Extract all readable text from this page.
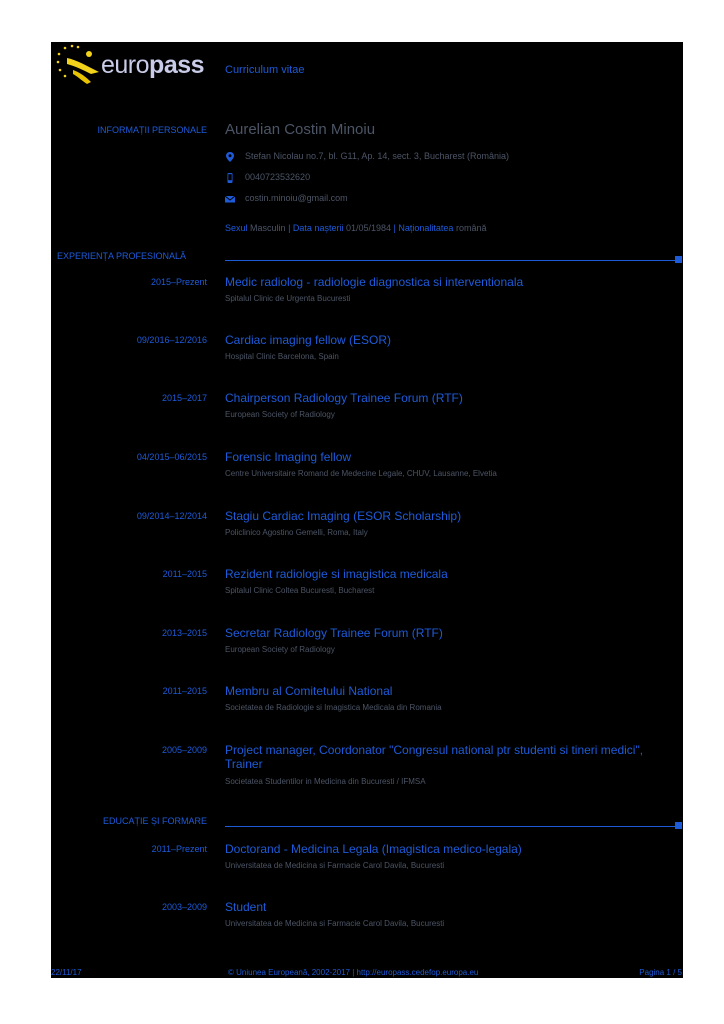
europass Curriculum vitae
INFORMAȚII PERSONALE Aurelian Costin Minoiu
Stefan Nicolau no.7, bl. G11, Ap. 14, sect. 3, Bucharest (România)
0040723532620
costin.minoiu@gmail.com
Sexul Masculin | Data nașterii 01/05/1984 | Naționalitatea română
EXPERIENȚA PROFESIONALĂ
2015–Prezent Medic radiolog - radiologie diagnostica si interventionala
Spitalul Clinic de Urgenta Bucuresti
09/2016–12/2016 Cardiac imaging fellow (ESOR)
Hospital Clinic Barcelona, Spain
2015–2017 Chairperson Radiology Trainee Forum (RTF)
European Society of Radiology
04/2015–06/2015 Forensic Imaging fellow
Centre Universitaire Romand de Medecine Legale, CHUV, Lausanne, Elvetia
09/2014–12/2014 Stagiu Cardiac Imaging (ESOR Scholarship)
Policlinico Agostino Gemelli, Roma, Italy
2011–2015 Rezident radiologie si imagistica medicala
Spitalul Clinic Coltea Bucuresti, Bucharest
2013–2015 Secretar Radiology Trainee Forum (RTF)
European Society of Radiology
2011–2015 Membru al Comitetului National
Societatea de Radiologie si Imagistica Medicala din Romania
2005–2009 Project manager, Coordonator "Congresul national ptr studenti si tineri medici", Trainer
Societatea Studentilor in Medicina din Bucuresti / IFMSA
EDUCAȚIE ȘI FORMARE
2011–Prezent Doctorand - Medicina Legala (Imagistica medico-legala)
Universitatea de Medicina si Farmacie Carol Davila, Bucuresti
2003–2009 Student
Universitatea de Medicina si Farmacie Carol Davila, Bucuresti
22/11/17	© Uniunea Europeană, 2002-2017 | http://europass.cedefop.europa.eu	Pagina 1 / 5
